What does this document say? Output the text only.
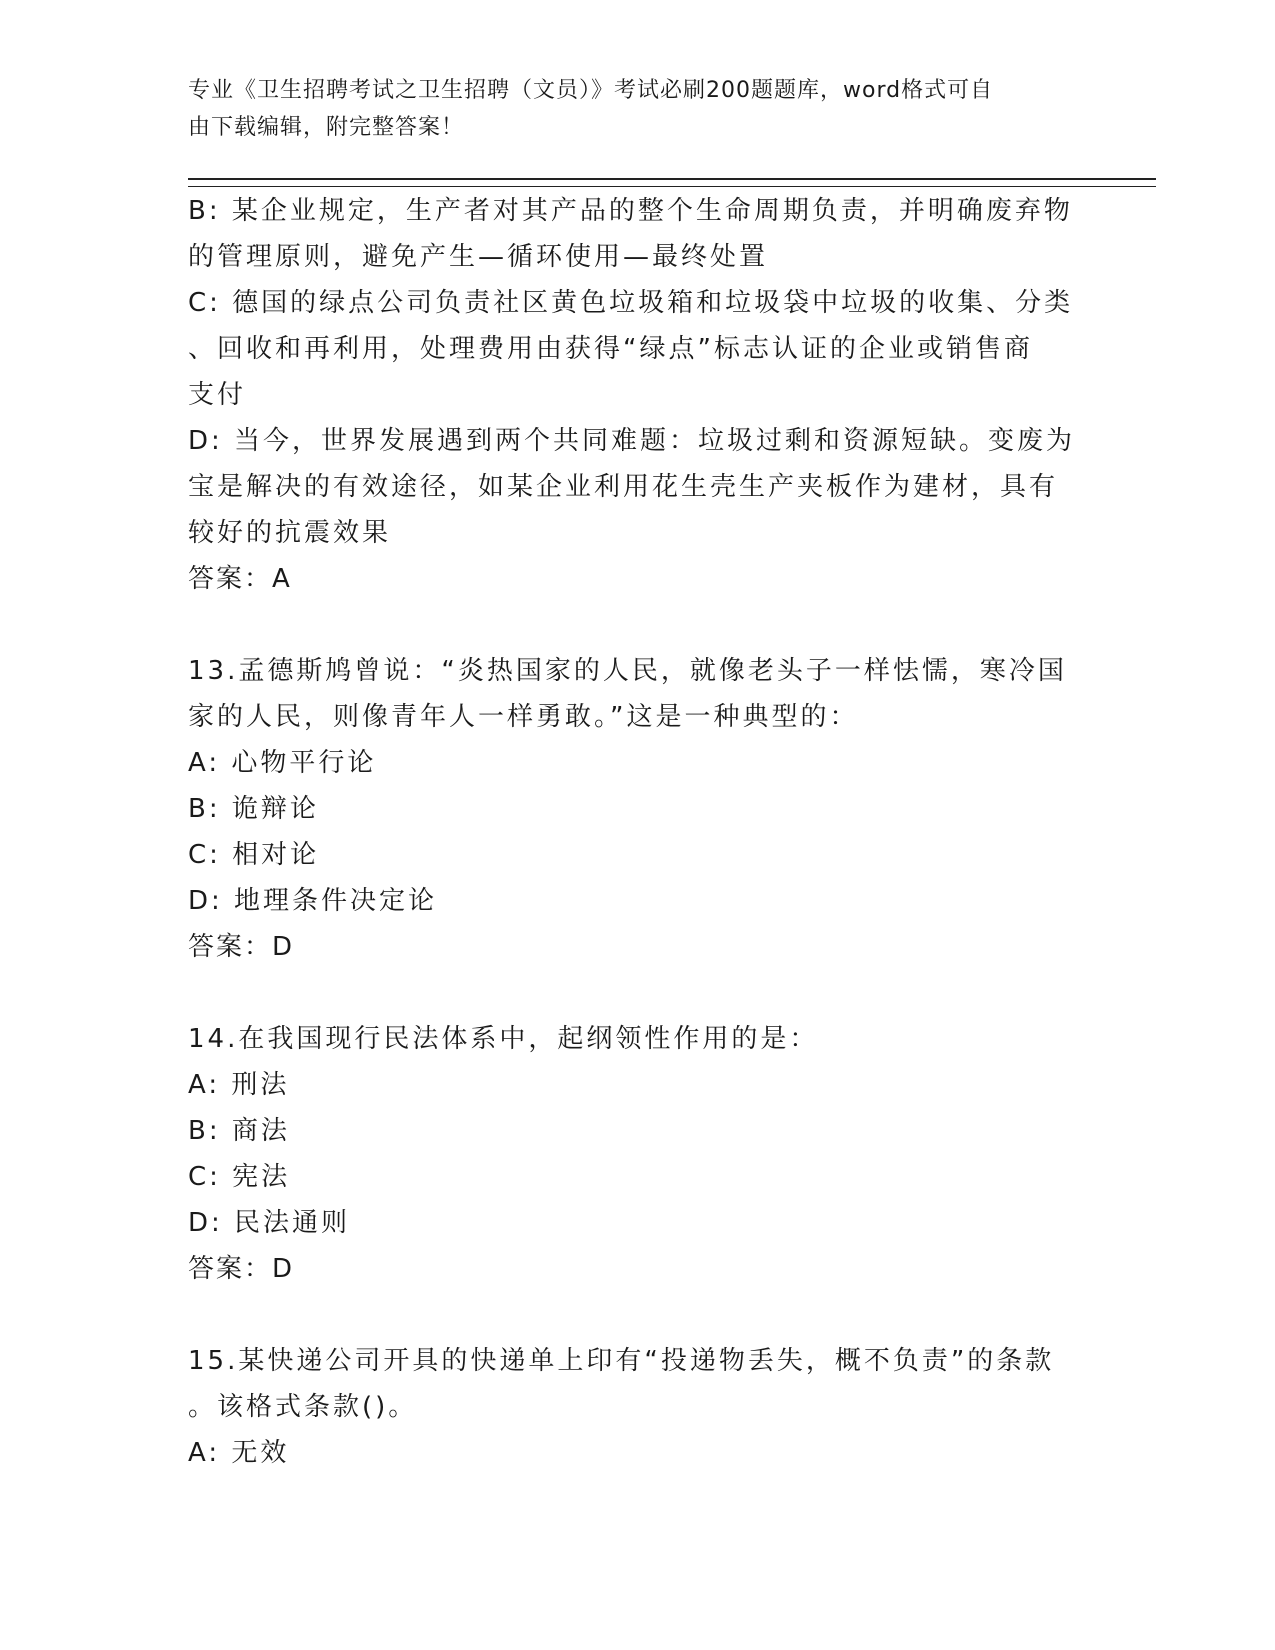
专业《卫生招聘考试之卫生招聘（文员）》考试必刷200题题库，word格式可自
由下载编辑，附完整答案！
B: 某企业规定，生产者对其产品的整个生命周期负责，并明确废弃物
的管理原则，避免产生—循环使用—最终处置
C: 德国的绿点公司负责社区黄色垃圾箱和垃圾袋中垃圾的收集、分类
、回收和再利用，处理费用由获得“绿点”标志认证的企业或销售商
支付
D: 当今，世界发展遇到两个共同难题：垃圾过剩和资源短缺。变废为
宝是解决的有效途径，如某企业利用花生壳生产夹板作为建材，具有
较好的抗震效果
答案：A
13.孟德斯鸠曾说：“炎热国家的人民，就像老头子一样怯懦，寒冷国
家的人民，则像青年人一样勇敢。”这是一种典型的：
A: 心物平行论
B: 诡辩论
C: 相对论
D: 地理条件决定论
答案：D
14.在我国现行民法体系中，起纲领性作用的是：
A: 刑法
B: 商法
C: 宪法
D: 民法通则
答案：D
15.某快递公司开具的快递单上印有“投递物丢失，概不负责”的条款
。该格式条款()。
A: 无效
